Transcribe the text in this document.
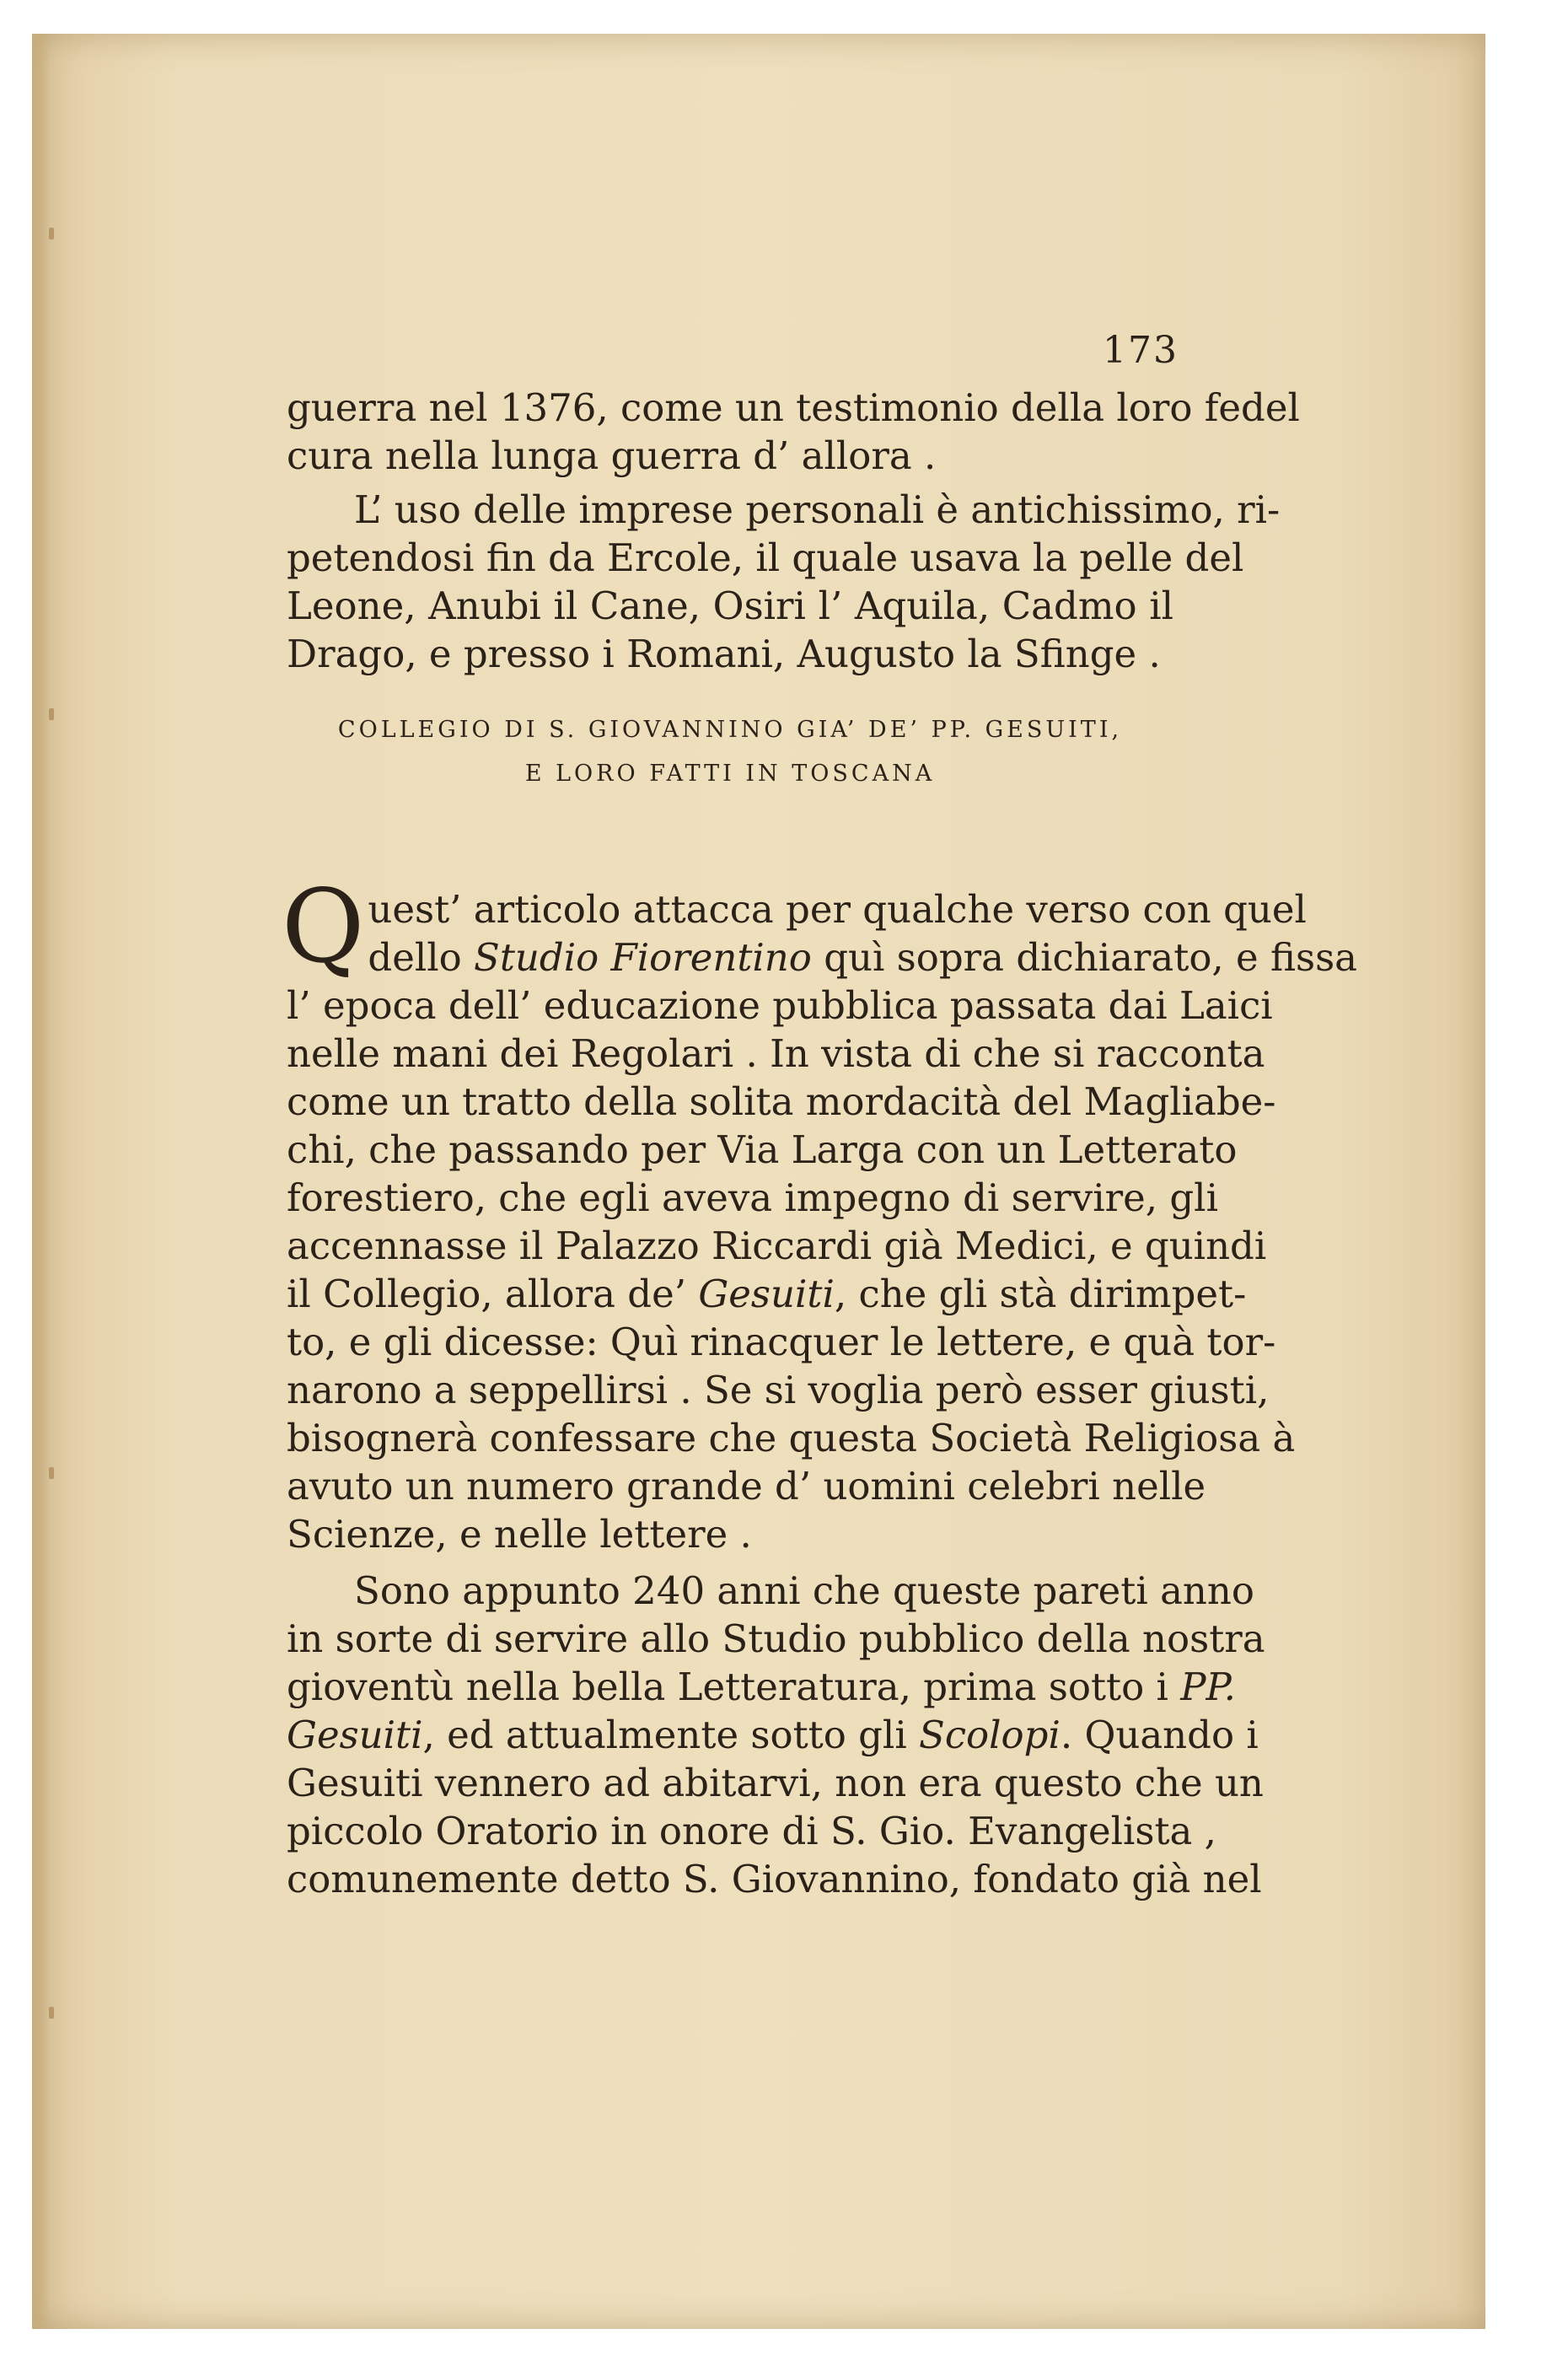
173
guerra nel 1376, come un testimonio della loro fedel
cura nella lunga guerra d’ allora .
L’ uso delle imprese personali è antichissimo, ri-
petendosi fin da Ercole, il quale usava la pelle del
Leone, Anubi il Cane, Osiri l’ Aquila, Cadmo il
Drago, e presso i Romani, Augusto la Sfinge .
COLLEGIO DI S. GIOVANNINO GIA’ DE’ PP. GESUITI,
E LORO FATTI IN TOSCANA
Q uest’ articolo attacca per qualche verso con quel
dello Studio Fiorentino quì sopra dichiarato, e fissa
l’ epoca dell’ educazione pubblica passata dai Laici
nelle mani dei Regolari . In vista di che si racconta
come un tratto della solita mordacità del Magliabe-
chi, che passando per Via Larga con un Letterato
forestiero, che egli aveva impegno di servire, gli
accennasse il Palazzo Riccardi già Medici, e quindi
il Collegio, allora de’ Gesuiti, che gli stà dirimpet-
to, e gli dicesse: Quì rinacquer le lettere, e quà tor-
narono a seppellirsi . Se si voglia però esser giusti,
bisognerà confessare che questa Società Religiosa à
avuto un numero grande d’ uomini celebri nelle
Scienze, e nelle lettere .
Sono appunto 240 anni che queste pareti anno
in sorte di servire allo Studio pubblico della nostra
gioventù nella bella Letteratura, prima sotto i PP.
Gesuiti, ed attualmente sotto gli Scolopi. Quando i
Gesuiti vennero ad abitarvi, non era questo che un
piccolo Oratorio in onore di S. Gio. Evangelista ,
comunemente detto S. Giovannino, fondato già nel
